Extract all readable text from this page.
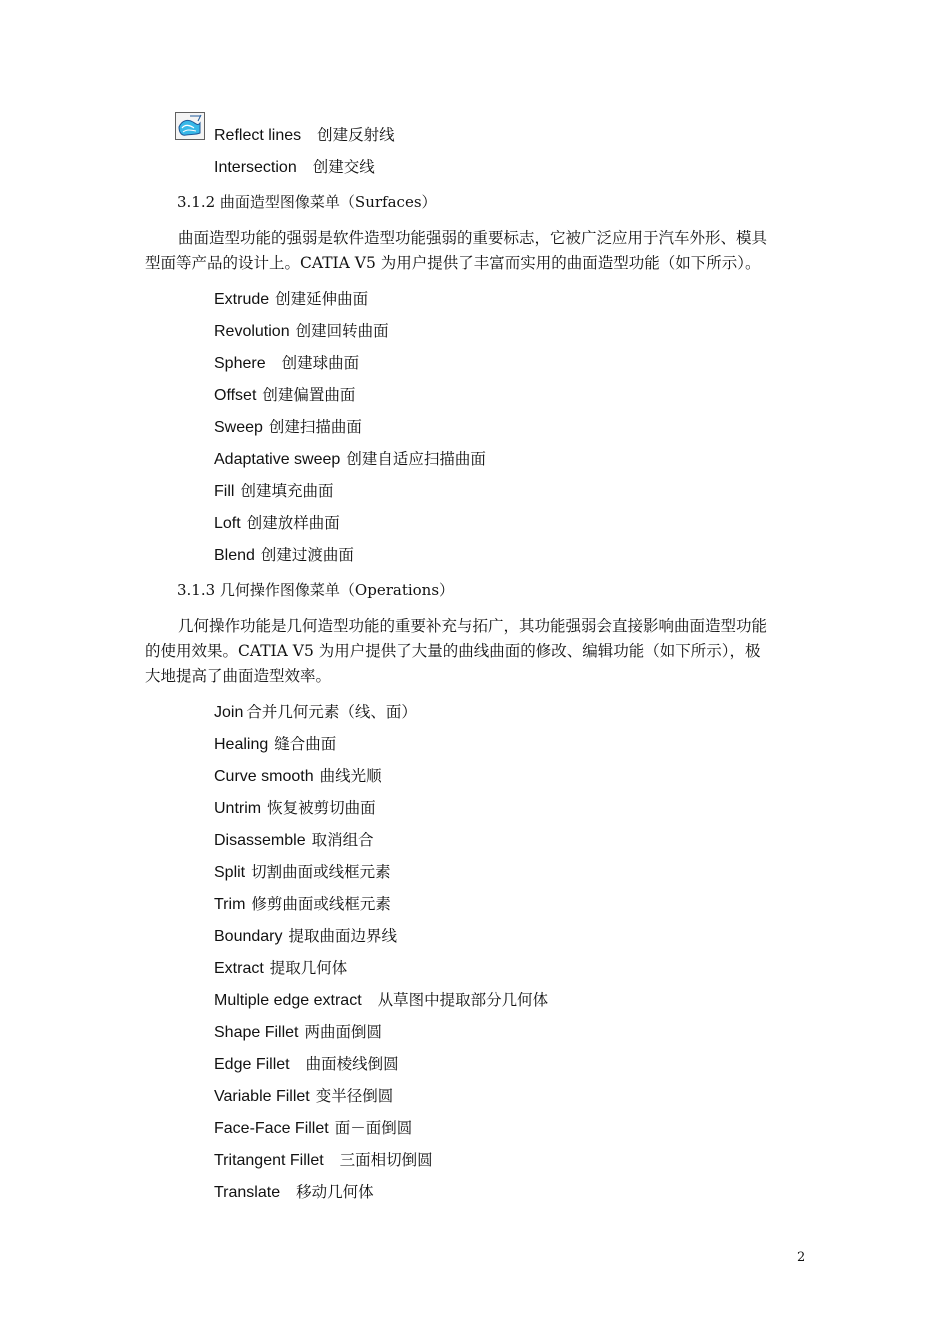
Reflect lines 创建反射线
Intersection 创建交线
3.1.2 曲面造型图像菜单（Surfaces）
曲面造型功能的强弱是软件造型功能强弱的重要标志，它被广泛应用于汽车外形、模具
型面等产品的设计上。CATIA V5 为用户提供了丰富而实用的曲面造型功能（如下所示）。
Extrude 创建延伸曲面
Revolution 创建回转曲面
Sphere 创建球曲面
Offset 创建偏置曲面
Sweep 创建扫描曲面
Adaptative sweep 创建自适应扫描曲面
Fill 创建填充曲面
Loft 创建放样曲面
Blend 创建过渡曲面
3.1.3 几何操作图像菜单（Operations）
几何操作功能是几何造型功能的重要补充与拓广，其功能强弱会直接影响曲面造型功能
的使用效果。CATIA V5 为用户提供了大量的曲线曲面的修改、编辑功能（如下所示），极
大地提高了曲面造型效率。
Join 合并几何元素（线、面）
Healing 缝合曲面
Curve smooth 曲线光顺
Untrim 恢复被剪切曲面
Disassemble 取消组合
Split 切割曲面或线框元素
Trim 修剪曲面或线框元素
Boundary 提取曲面边界线
Extract 提取几何体
Multiple edge extract 从草图中提取部分几何体
Shape Fillet 两曲面倒圆
Edge Fillet 曲面棱线倒圆
Variable Fillet 变半径倒圆
Face-Face Fillet 面－面倒圆
Tritangent Fillet 三面相切倒圆
Translate 移动几何体
2
